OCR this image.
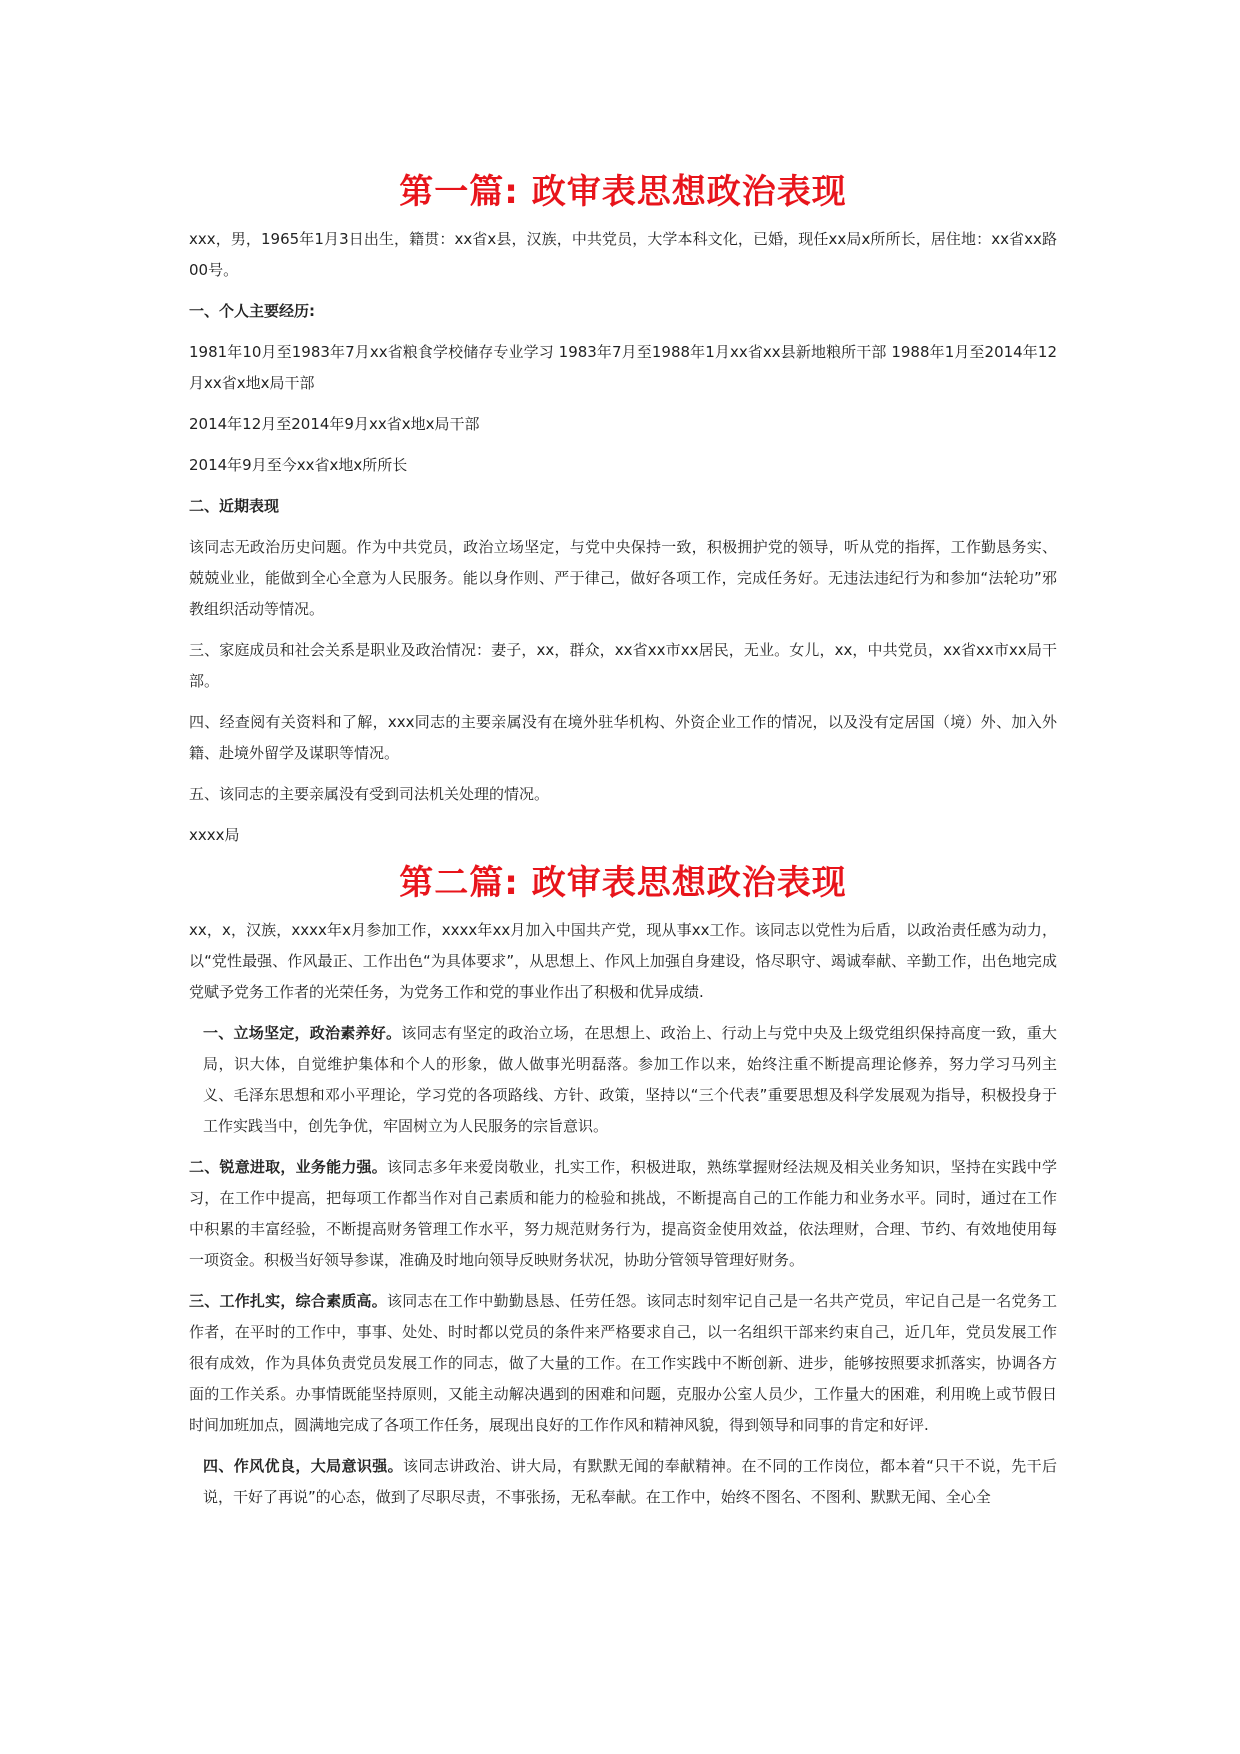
第一篇: 政审表思想政治表现

xxx，男，1965年1月3日出生，籍贯：xx省x县，汉族，中共党员，大学本科文化，已婚，现任xx局x所所长，居住地：xx省xx路00号。

一、个人主要经历:

1981年10月至1983年7月xx省粮食学校储存专业学习 1983年7月至1988年1月xx省xx县新地粮所干部 1988年1月至2014年12月xx省x地x局干部

2014年12月至2014年9月xx省x地x局干部

2014年9月至今xx省x地x所所长

二、近期表现

该同志无政治历史问题。作为中共党员，政治立场坚定，与党中央保持一致，积极拥护党的领导，听从党的指挥，工作勤恳务实、兢兢业业，能做到全心全意为人民服务。能以身作则、严于律己，做好各项工作，完成任务好。无违法违纪行为和参加“法轮功”邪教组织活动等情况。

三、家庭成员和社会关系是职业及政治情况：妻子，xx，群众，xx省xx市xx居民，无业。女儿，xx，中共党员，xx省xx市xx局干部。

四、经查阅有关资料和了解，xxx同志的主要亲属没有在境外驻华机构、外资企业工作的情况，以及没有定居国（境）外、加入外籍、赴境外留学及谋职等情况。

五、该同志的主要亲属没有受到司法机关处理的情况。

xxxx局

第二篇: 政审表思想政治表现

xx，x，汉族，xxxx年x月参加工作，xxxx年xx月加入中国共产党，现从事xx工作。该同志以党性为后盾，以政治责任感为动力，以“党性最强、作风最正、工作出色“为具体要求”，从思想上、作风上加强自身建设，恪尽职守、竭诚奉献、辛勤工作，出色地完成党赋予党务工作者的光荣任务，为党务工作和党的事业作出了积极和优异成绩.

一、立场坚定，政治素养好。该同志有坚定的政治立场，在思想上、政治上、行动上与党中央及上级党组织保持高度一致，重大局，识大体，自觉维护集体和个人的形象，做人做事光明磊落。参加工作以来，始终注重不断提高理论修养，努力学习马列主义、毛泽东思想和邓小平理论，学习党的各项路线、方针、政策，坚持以“三个代表”重要思想及科学发展观为指导，积极投身于工作实践当中，创先争优，牢固树立为人民服务的宗旨意识。

二、锐意进取，业务能力强。该同志多年来爱岗敬业，扎实工作，积极进取，熟练掌握财经法规及相关业务知识，坚持在实践中学习，在工作中提高，把每项工作都当作对自己素质和能力的检验和挑战，不断提高自己的工作能力和业务水平。同时，通过在工作中积累的丰富经验，不断提高财务管理工作水平，努力规范财务行为，提高资金使用效益，依法理财，合理、节约、有效地使用每一项资金。积极当好领导参谋，准确及时地向领导反映财务状况，协助分管领导管理好财务。

三、工作扎实，综合素质高。该同志在工作中勤勤恳恳、任劳任怨。该同志时刻牢记自己是一名共产党员，牢记自己是一名党务工作者，在平时的工作中，事事、处处、时时都以党员的条件来严格要求自己，以一名组织干部来约束自己，近几年，党员发展工作很有成效，作为具体负责党员发展工作的同志，做了大量的工作。在工作实践中不断创新、进步，能够按照要求抓落实，协调各方面的工作关系。办事情既能坚持原则，又能主动解决遇到的困难和问题，克服办公室人员少，工作量大的困难，利用晚上或节假日时间加班加点，圆满地完成了各项工作任务，展现出良好的工作作风和精神风貌，得到领导和同事的肯定和好评.

四、作风优良，大局意识强。该同志讲政治、讲大局，有默默无闻的奉献精神。在不同的工作岗位，都本着“只干不说，先干后说，干好了再说”的心态，做到了尽职尽责，不事张扬，无私奉献。在工作中，始终不图名、不图利、默默无闻、全心全
